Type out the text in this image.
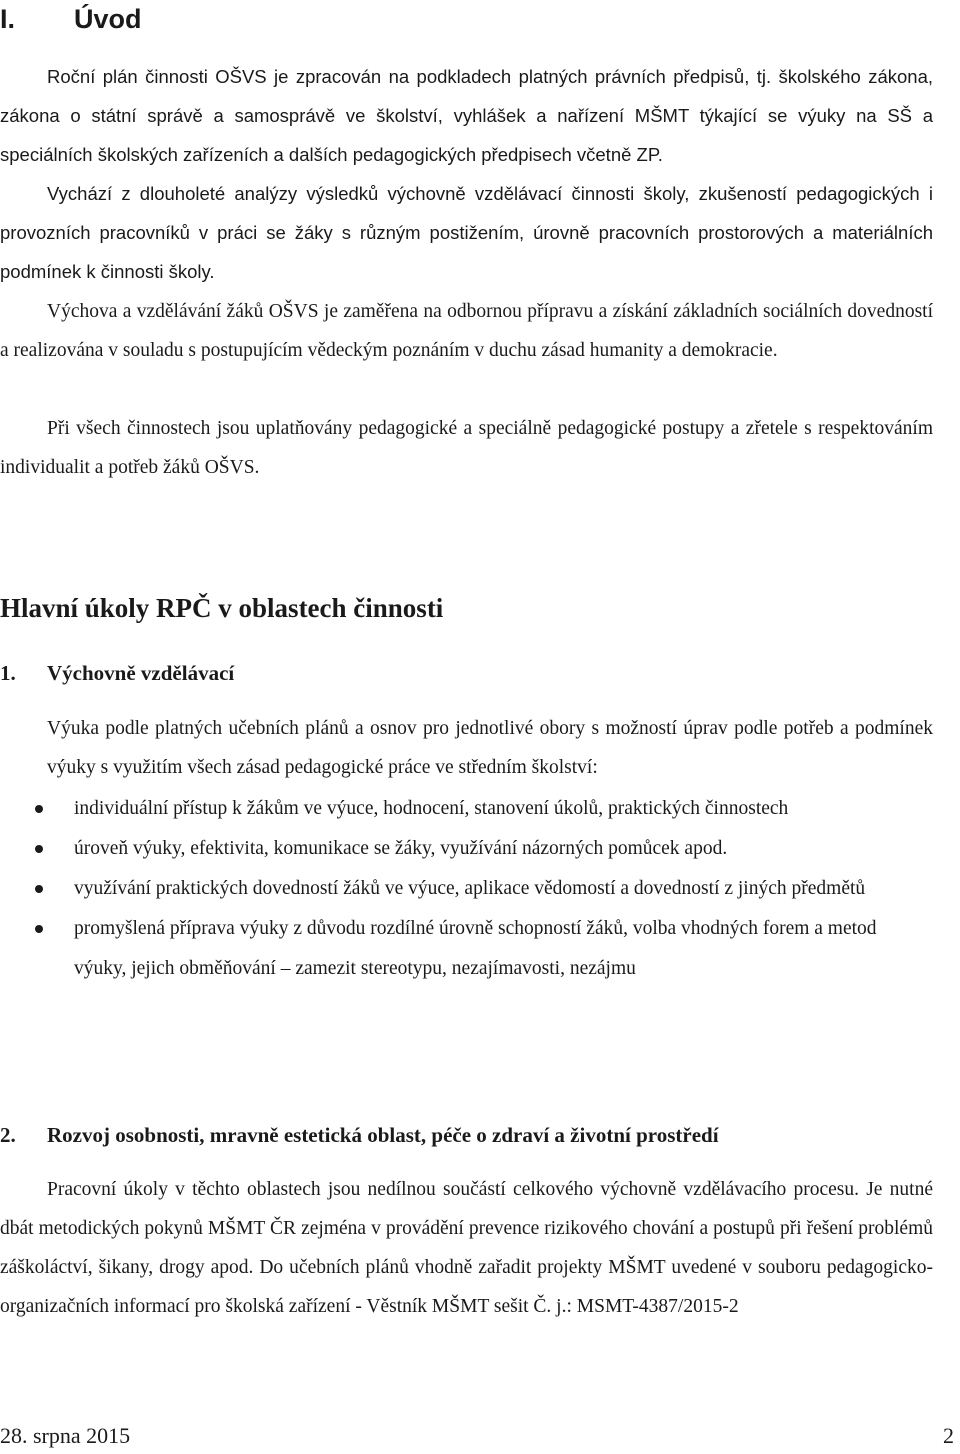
I. Úvod
Roční plán činnosti OŠVS je zpracován na podkladech platných právních předpisů, tj. školského zákona, zákona o státní správě a samosprávě ve školství, vyhlášek a nařízení MŠMT týkající se výuky na SŠ a speciálních školských zařízeních a dalších pedagogických předpisech včetně ZP.
Vychází z dlouholeté analýzy výsledků výchovně vzdělávací činnosti školy, zkušeností pedagogických i provozních pracovníků v práci se žáky s různým postižením, úrovně pracovních prostorových a materiálních podmínek k činnosti školy.
Výchova a vzdělávání žáků OŠVS je zaměřena na odbornou přípravu a získání základních sociálních dovedností a realizována v souladu s postupujícím vědeckým poznáním v duchu zásad humanity a demokracie.
Při všech činnostech jsou uplatňovány pedagogické a speciálně pedagogické postupy a zřetele s respektováním individualit a potřeb žáků OŠVS.
Hlavní úkoly RPČ v oblastech činnosti
1. Výchovně vzdělávací
Výuka podle platných učebních plánů a osnov pro jednotlivé obory s možností úprav podle potřeb a podmínek výuky s využitím všech zásad pedagogické práce ve středním školství:
individuální přístup k žákům ve výuce, hodnocení, stanovení úkolů, praktických činnostech
úroveň výuky, efektivita, komunikace se žáky, využívání názorných pomůcek apod.
využívání praktických dovedností žáků ve výuce, aplikace vědomostí a dovedností z jiných předmětů
promyšlená příprava výuky z důvodu rozdílné úrovně schopností žáků, volba vhodných forem a metod výuky, jejich obměňování – zamezit stereotypu, nezajímavosti, nezájmu
2. Rozvoj osobnosti, mravně estetická oblast, péče o zdraví a životní prostředí
Pracovní úkoly v těchto oblastech jsou nedílnou součástí celkového výchovně vzdělávacího procesu. Je nutné dbát metodických pokynů MŠMT ČR zejména v provádění prevence rizikového chování a postupů při řešení problémů záškoláctví, šikany, drogy apod. Do učebních plánů vhodně zařadit projekty MŠMT uvedené v souboru pedagogicko-organizačních informací pro školská zařízení - Věstník MŠMT sešit Č. j.: MSMT-4387/2015-2
28. srpna 2015	2
